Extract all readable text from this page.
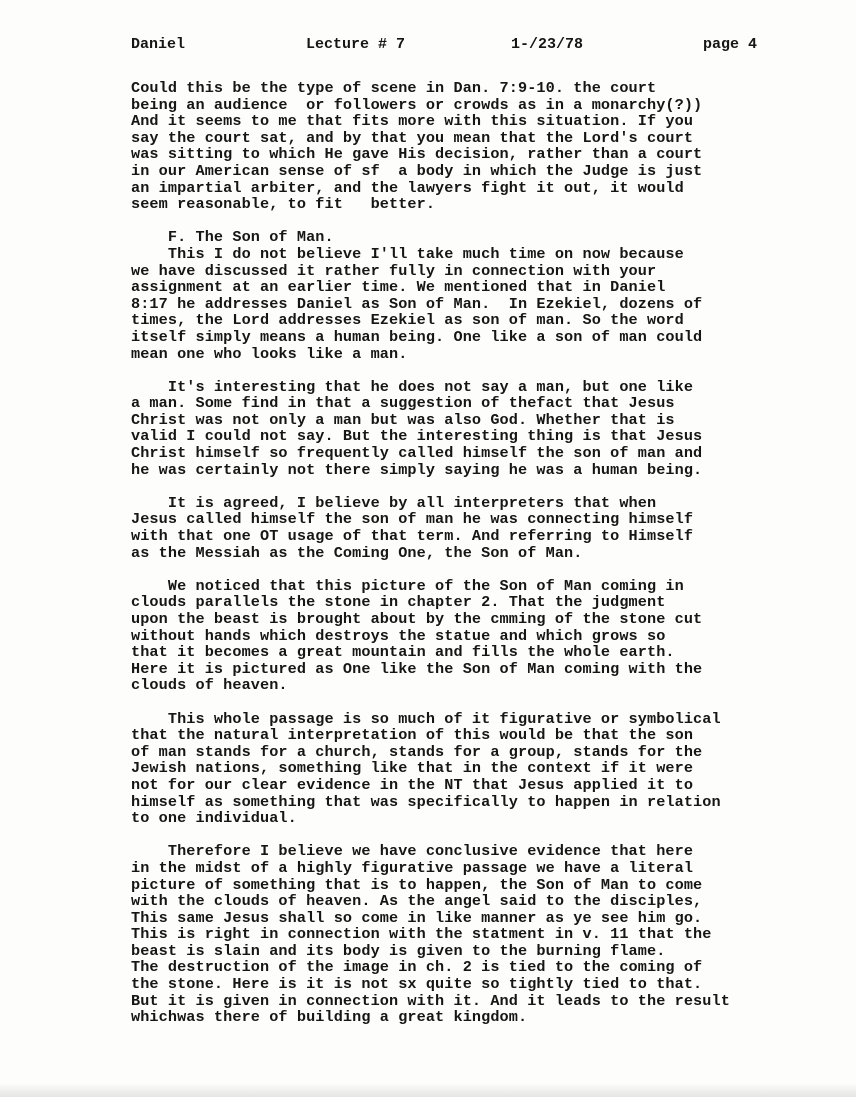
Daniel	Lecture # 7	1-/23/78	page 4
Could this be the type of scene in Dan. 7:9-10. the court
being an audience  or followers or crowds as in a monarchy(?))
And it seems to me that fits more with this situation. If you
say the court sat, and by that you mean that the Lord's court
was sitting to which He gave His decision, rather than a court
in our American sense of sf  a body in which the Judge is just
an impartial arbiter, and the lawyers fight it out, it would
seem reasonable, to fit   better.
F. The Son of Man.
This I do not believe I'll take much time on now because
we have discussed it rather fully in connection with your
assignment at an earlier time. We mentioned that in Daniel
8:17 he addresses Daniel as Son of Man.  In Ezekiel, dozens of
times, the Lord addresses Ezekiel as son of man. So the word
itself simply means a human being. One like a son of man could
mean one who looks like a man.
It's interesting that he does not say a man, but one like
a man. Some find in that a suggestion of thefact that Jesus
Christ was not only a man but was also God. Whether that is
valid I could not say. But the interesting thing is that Jesus
Christ himself so frequently called himself the son of man and
he was certainly not there simply saying he was a human being.
It is agreed, I believe by all interpreters that when
Jesus called himself the son of man he was connecting himself
with that one OT usage of that term. And referring to Himself
as the Messiah as the Coming One, the Son of Man.
We noticed that this picture of the Son of Man coming in
clouds parallels the stone in chapter 2. That the judgment
upon the beast is brought about by the cmming of the stone cut
without hands which destroys the statue and which grows so
that it becomes a great mountain and fills the whole earth.
Here it is pictured as One like the Son of Man coming with the
clouds of heaven.
This whole passage is so much of it figurative or symbolical
that the natural interpretation of this would be that the son
of man stands for a church, stands for a group, stands for the
Jewish nations, something like that in the context if it were
not for our clear evidence in the NT that Jesus applied it to
himself as something that was specifically to happen in relation
to one individual.
Therefore I believe we have conclusive evidence that here
in the midst of a highly figurative passage we have a literal
picture of something that is to happen, the Son of Man to come
with the clouds of heaven. As the angel said to the disciples,
This same Jesus shall so come in like manner as ye see him go.
This is right in connection with the statment in v. 11 that the
beast is slain and its body is given to the burning flame.
The destruction of the image in ch. 2 is tied to the coming of
the stone. Here is it is not sx quite so tightly tied to that.
But it is given in connection with it. And it leads to the result
whichwas there of building a great kingdom.
